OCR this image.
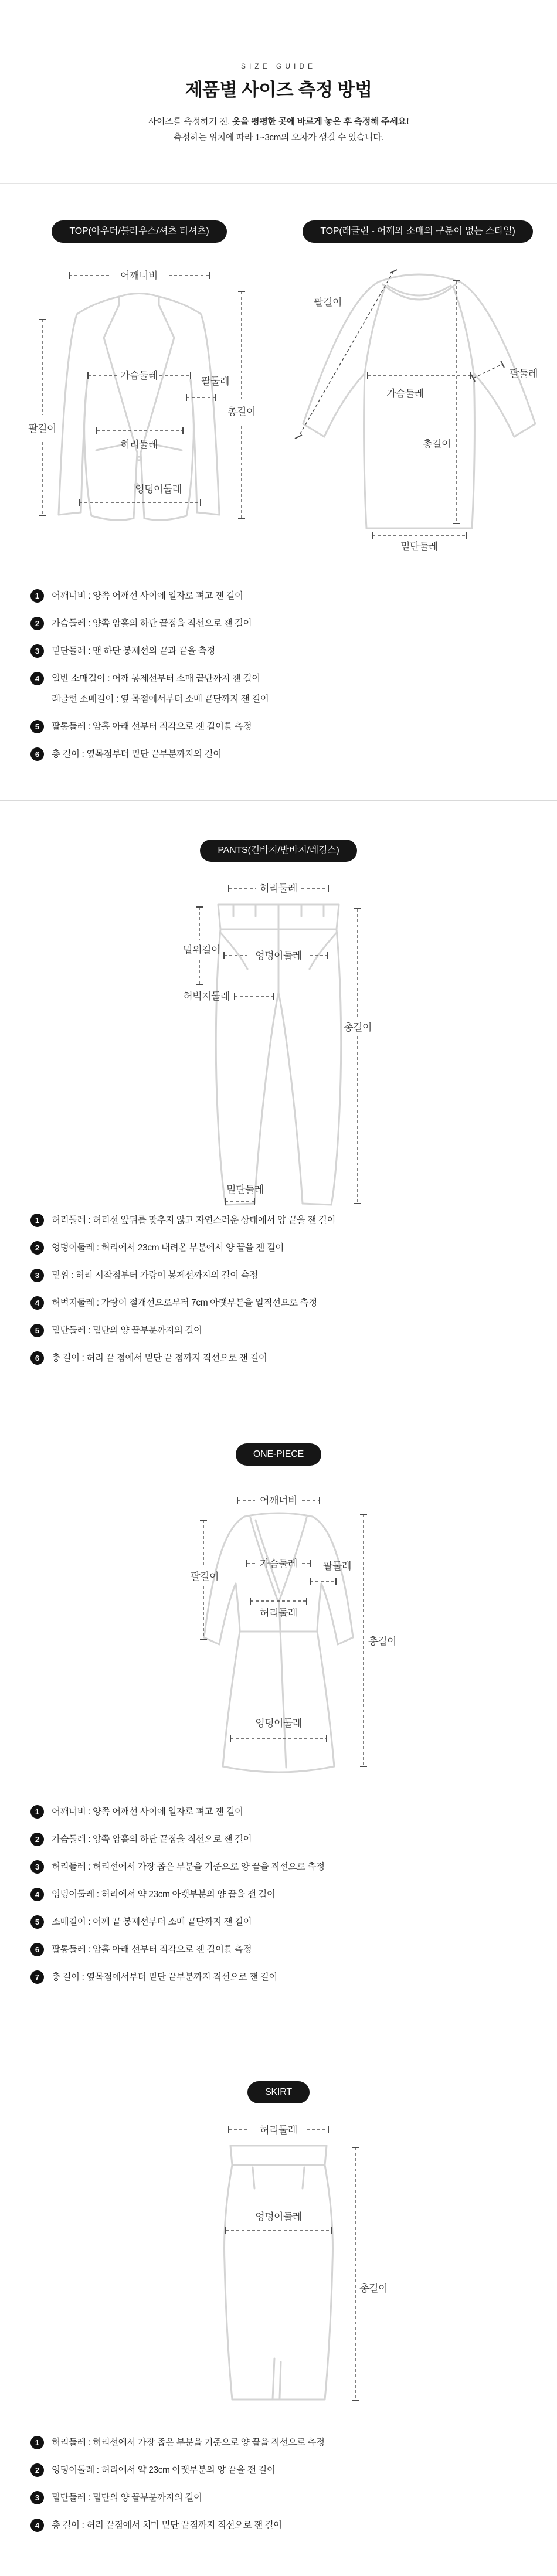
SIZE GUIDE
제품별 사이즈 측정 방법
사이즈를 측정하기 전, 옷을 평평한 곳에 바르게 놓은 후 측정해 주세요!
측정하는 위치에 따라 1~3cm의 오차가 생길 수 있습니다.
TOP(아우터/블라우스/셔츠 티셔츠)	TOP(래글런 - 어깨와 소매의 구분이 없는 스타일)
어깨너비
팔길이
총길이
가슴둘레
팔둘레
허리둘레
엉덩이둘레
팔길이
가슴둘레
팔둘레
총길이
밑단둘레
1	어깨너비 : 양쪽 어깨선 사이에 일자로 펴고 잰 길이
2	가슴둘레 : 양쪽 암홀의 하단 끝점을 직선으로 잰 길이
3	밑단둘레 : 맨 하단 봉제선의 끝과 끝을 측정
4	일반 소매길이 : 어깨 봉제선부터 소매 끝단까지 잰 길이
래글런 소매길이 : 옆 목점에서부터 소매 끝단까지 잰 길이
5	팔통둘레 : 암홀 아래 선부터 직각으로 잰 길이를 측정
6	총 길이 : 옆목점부터 밑단 끝부분까지의 길이
PANTS(긴바지/반바지/레깅스)
허리둘레
밑위길이
엉덩이둘레
허벅지둘레
총길이
밑단둘레
1	허리둘레 : 허리선 앞뒤를 맞추지 않고 자연스러운 상태에서 양 끝을 잰 길이
2	엉덩이둘레 : 허리에서 23cm 내려온 부분에서 양 끝을 잰 길이
3	밑위 : 허리 시작점부터 가랑이 봉제선까지의 길이 측정
4	허벅지둘레 : 가랑이 절개선으로부터 7cm 아랫부분을 일직선으로 측정
5	밑단둘레 : 밑단의 양 끝부분까지의 길이
6	총 길이 : 허리 끝 점에서 밑단 끝 점까지 직선으로 잰 길이
ONE-PIECE
어깨너비
팔길이
가슴둘레	팔둘레
허리둘레
엉덩이둘레
총길이
1	어깨너비 : 양쪽 어깨선 사이에 일자로 펴고 잰 길이
2	가슴둘레 : 양쪽 암홀의 하단 끝점을 직선으로 잰 길이
3	허리둘레 : 허리선에서 가장 좁은 부분을 기준으로 양 끝을 직선으로 측정
4	엉덩이둘레 : 허리에서 약 23cm 아랫부분의 양 끝을 잰 길이
5	소매길이 : 어깨 끝 봉제선부터 소매 끝단까지 잰 길이
6	팔통둘레 : 암홀 아래 선부터 직각으로 잰 길이를 측정
7	총 길이 : 옆목점에서부터 밑단 끝부분까지 직선으로 잰 길이
SKIRT
허리둘레
엉덩이둘레
총길이
1	허리둘레 : 허리선에서 가장 좁은 부분을 기준으로 양 끝을 직선으로 측정
2	엉덩이둘레 : 허리에서 약 23cm 아랫부분의 양 끝을 잰 길이
3	밑단둘레 : 밑단의 양 끝부분까지의 길이
4	총 길이 : 허리 끝점에서 치마 밑단 끝점까지 직선으로 잰 길이
